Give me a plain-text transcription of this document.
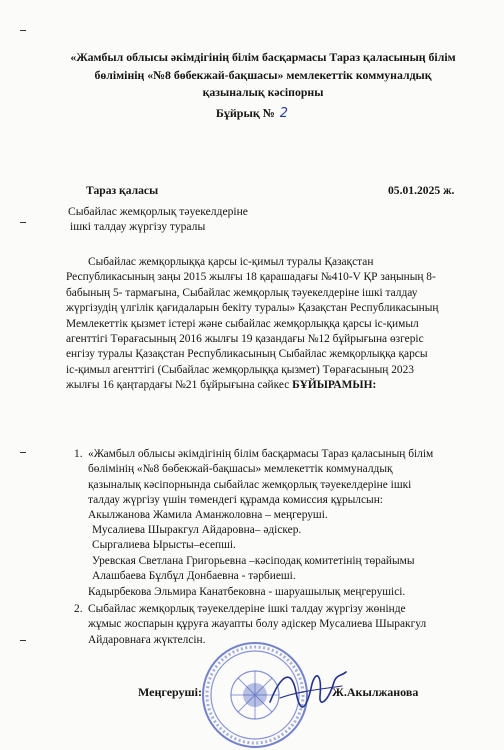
«Жамбыл облысы әкімдігінің білім басқармасы Тараз қаласының білім
бөлімінің «№8 бөбекжай-бақшасы» мемлекеттік коммуналдық
қазыналық кәсіпорны
Бұйрық № 2
Тараз қаласы	05.01.2025 ж.
Сыбайлас жемқорлық тәуекелдеріне
ішкі талдау жүргізу туралы
Сыбайлас жемқорлыққа қарсы іс-қимыл туралы Қазақстан
Республикасының заңы 2015 жылғы 18 қарашадағы №410-V ҚР заңының 8-
бабының 5- тармағына, Сыбайлас жемқорлық тәуекелдеріне ішкі талдау
жүргізудің үлгілік қағидаларын бекіту туралы» Қазақстан Республикасының
Мемлекеттік қызмет істері және сыбайлас жемқорлыққа қарсы іс-қимыл
агенттігі Төрағасының 2016 жылғы 19 қазандағы №12 бұйрығына өзгеріс
енгізу туралы Қазақстан Республикасының Сыбайлас жемқорлыққа қарсы
іс-қимыл агенттігі (Сыбайлас жемқорлыққа қызмет) Төрағасының 2023
жылғы 16 қаңтардағы №21 бұйрығына сәйкес БҰЙЫРАМЫН:
1. «Жамбыл облысы әкімдігінің білім басқармасы Тараз қаласының білім
бөлімінің «№8 бөбекжай-бақшасы» мемлекеттік коммуналдық
қазыналық кәсіпорнында сыбайлас жемқорлық тәуекелдеріне ішкі
талдау жүргізу үшін төмендегі құрамда комиссия құрылсын:
Акылжанова Жамила Аманжоловна – меңгеруші.
Мусалиева Шыракгул Айдаровна– әдіскер.
Сыргалиева Ырысты–есепші.
Уревская Светлана Григорьевна –кәсіподақ комитетінің төрайымы
Алашбаева Бұлбұл Донбаевна - тәрбиеші.
Кадырбекова Эльмира Канатбековна - шаруашылық меңгерушісі.
2. Сыбайлас жемқорлық тәуекелдеріне ішкі талдау жүргізу жөнінде
жұмыс жоспарын құруға жауапты болу әдіскер Мусалиева Шыракгул
Айдаровнаға жүктелсін.
Меңгеруші:	Ж.Акылжанова
